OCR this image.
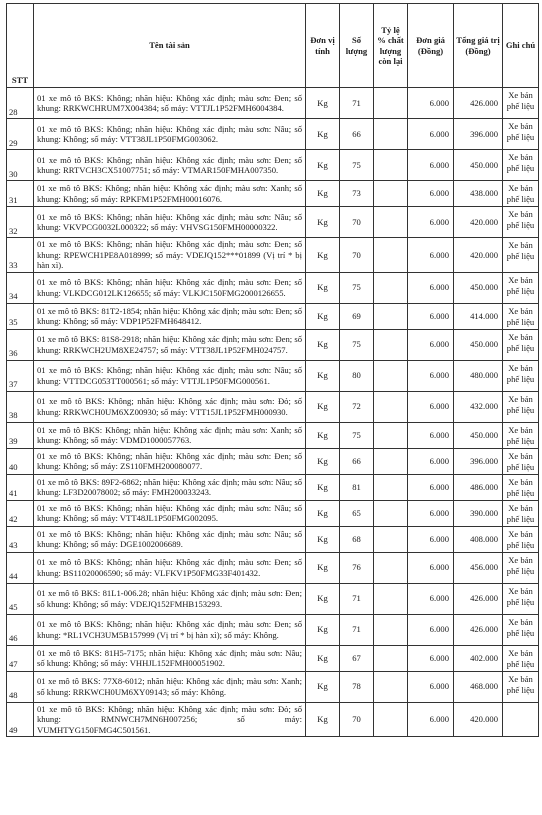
STT	Tên tài sản	Đơn vị tính	Số lượng	Tỷ lệ % chất lượng còn lại	Đơn giá (Đồng)	Tổng giá trị (Đồng)	Ghi chú
28	01 xe mô tô BKS: Không; nhãn hiệu: Không xác định; màu sơn: Đen; số khung: RRKWCHRUM7X004384; số máy: VTTJL1P52FMH6004384.	Kg	71		6.000	426.000	Xe bán phế liệu
29	01 xe mô tô BKS: Không; nhãn hiệu: Không xác định; màu sơn: Nâu; số khung: Không; số máy: VTT38JL1P50FMG003062.	Kg	66		6.000	396.000	Xe bán phế liệu
30	01 xe mô tô BKS: Không; nhãn hiệu: Không xác định; màu sơn: Đen; số khung: RRTVCH3CX51007751; số máy: VTMAR150FMHA007350.	Kg	75		6.000	450.000	Xe bán phế liệu
31	01 xe mô tô BKS: Không; nhãn hiệu: Không xác định; màu sơn: Xanh; số khung: Không; số máy: RPKFM1P52FMH00016076.	Kg	73		6.000	438.000	Xe bán phế liệu
32	01 xe mô tô BKS: Không; nhãn hiệu: Không xác định; màu sơn: Nâu; số khung: VKVPCG0032L000322; số máy: VHVSG150FMH00000322.	Kg	70		6.000	420.000	Xe bán phế liệu
33	01 xe mô tô BKS: Không; nhãn hiệu: Không xác định; màu sơn: Đen; số khung: RPEWCH1PE8A018999; số máy: VDEJQ152***01899 (Vị trí * bị hàn xì).	Kg	70		6.000	420.000	Xe bán phế liệu
34	01 xe mô tô BKS: Không; nhãn hiệu: Không xác định; màu sơn: Đen; số khung: VLKDCG012LK126655; số máy: VLKJC150FMG2000126655.	Kg	75		6.000	450.000	Xe bán phế liệu
35	01 xe mô tô BKS: 81T2-1854; nhãn hiệu: Không xác định; màu sơn: Đen; số khung: Không; số máy: VDP1P52FMH648412.	Kg	69		6.000	414.000	Xe bán phế liệu
36	01 xe mô tô BKS: 81S8-2918; nhãn hiệu: Không xác định; màu sơn: Đen; số khung: RRKWCH2UM8XE24757; số máy: VTT38JL1P52FMH024757.	Kg	75		6.000	450.000	Xe bán phế liệu
37	01 xe mô tô BKS: Không; nhãn hiệu: Không xác định; màu sơn: Nâu; số khung: VTTDCG053TT000561; số máy: VTTJL1P50FMG000561.	Kg	80		6.000	480.000	Xe bán phế liệu
38	01 xe mô tô BKS: Không; nhãn hiệu: Không xác định; màu sơn: Đỏ; số khung: RRKWCH0UM6XZ00930; số máy: VTT15JL1P52FMH000930.	Kg	72		6.000	432.000	Xe bán phế liệu
39	01 xe mô tô BKS: Không; nhãn hiệu: Không xác định; màu sơn: Xanh; số khung: Không; số máy: VDMD1000057763.	Kg	75		6.000	450.000	Xe bán phế liệu
40	01 xe mô tô BKS: Không; nhãn hiệu: Không xác định; màu sơn: Đen; số khung: Không; số máy: ZS110FMH200080077.	Kg	66		6.000	396.000	Xe bán phế liệu
41	01 xe mô tô BKS: 89F2-6862; nhãn hiệu: Không xác định; màu sơn: Nâu; số khung: LF3D20078002; số máy: FMH200033243.	Kg	81		6.000	486.000	Xe bán phế liệu
42	01 xe mô tô BKS: Không; nhãn hiệu: Không xác định; màu sơn: Nâu; số khung: Không; số máy: VTT48JL1P50FMG002095.	Kg	65		6.000	390.000	Xe bán phế liệu
43	01 xe mô tô BKS: Không; nhãn hiệu: Không xác định; màu sơn: Nâu; số khung: Không; số máy: DGE1002006689.	Kg	68		6.000	408.000	Xe bán phế liệu
44	01 xe mô tô BKS: Không; nhãn hiệu: Không xác định; màu sơn: Đen; số khung: BS11020006590; số máy: VLFKV1P50FMG33F401432.	Kg	76		6.000	456.000	Xe bán phế liệu
45	01 xe mô tô BKS: 81L1-006.28; nhãn hiệu: Không xác định; màu sơn: Đen; số khung: Không; số máy: VDEJQ152FMHB153293.	Kg	71		6.000	426.000	Xe bán phế liệu
46	01 xe mô tô BKS: Không; nhãn hiệu: Không xác định; màu sơn: Đen; số khung: *RL1VCH3UM5B157999 (Vị trí * bị hàn xì); số máy: Không.	Kg	71		6.000	426.000	Xe bán phế liệu
47	01 xe mô tô BKS: 81H5-7175; nhãn hiệu: Không xác định; màu sơn: Nâu; số khung: Không; số máy: VHHJL152FMH00051902.	Kg	67		6.000	402.000	Xe bán phế liệu
48	01 xe mô tô BKS: 77X8-6012; nhãn hiệu: Không xác định; màu sơn: Xanh; số khung: RRKWCH0UM6XY09143; số máy: Không.	Kg	78		6.000	468.000	Xe bán phế liệu
49	01 xe mô tô BKS: Không; nhãn hiệu: Không xác định; màu sơn: Đỏ; số khung: RMNWCH7MN6H007256; số máy: VUMHTYG150FMG4C501561.	Kg	70		6.000	420.000	
